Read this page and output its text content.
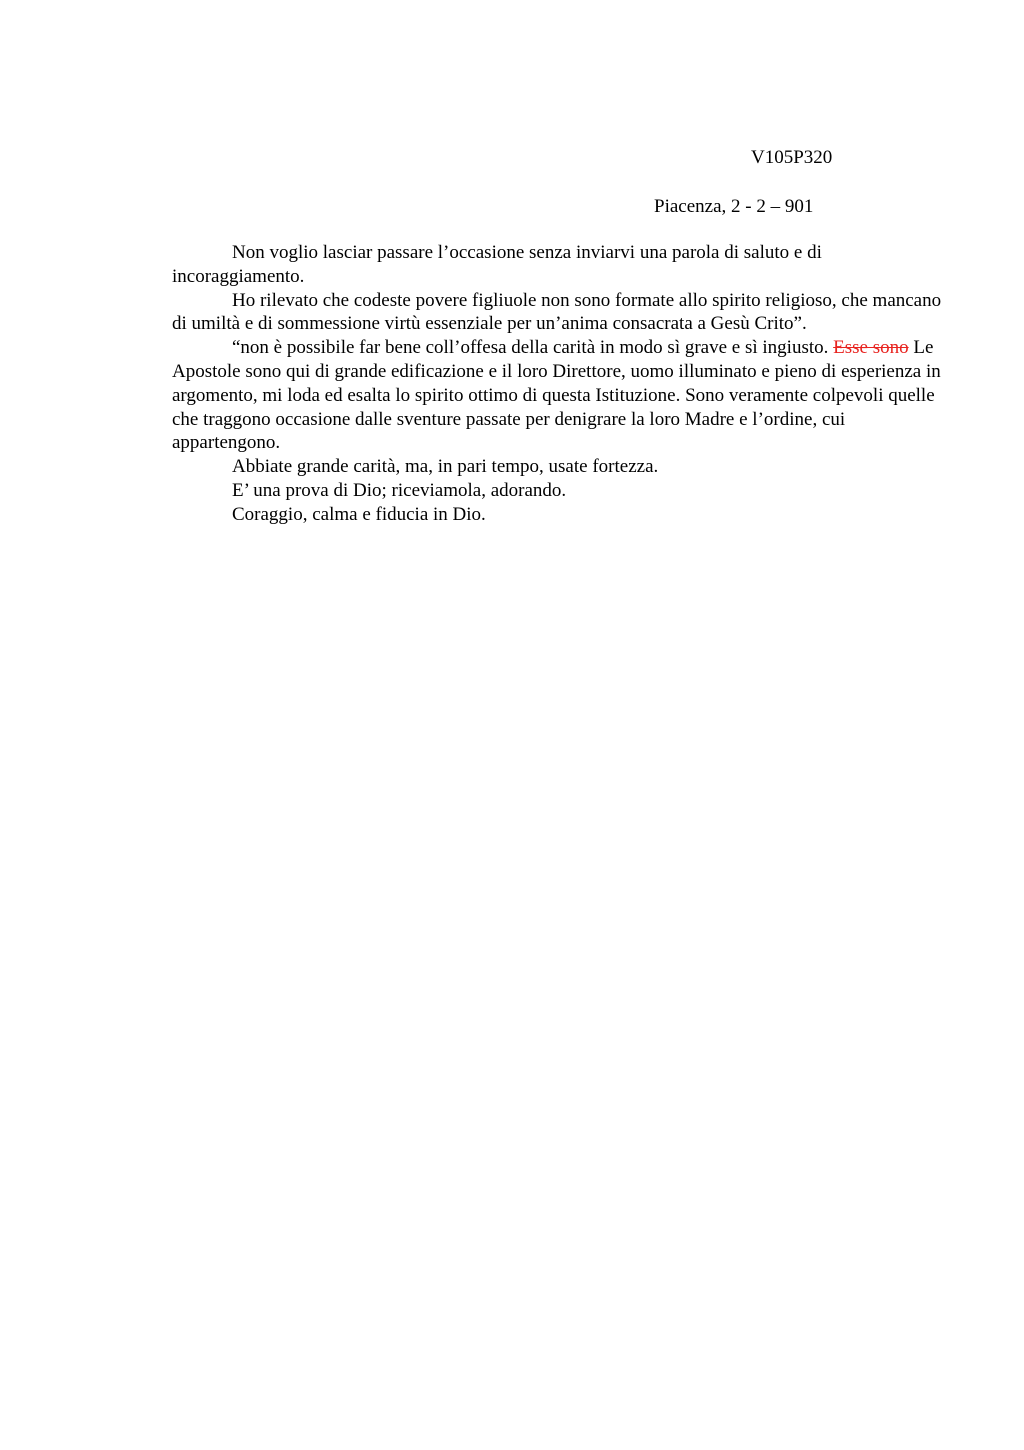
V105P320
Piacenza, 2 - 2 – 901

Non voglio lasciar passare l’occasione senza inviarvi una parola di saluto e di incoraggiamento.

Ho rilevato che codeste povere figliuole non sono formate allo spirito religioso, che mancano di umiltà e di sommessione virtù essenziale per un’anima consacrata a Gesù Crito”.

“non è possibile far bene coll’offesa della carità in modo sì grave e sì ingiusto. Esse sono Le Apostole sono qui di grande edificazione e il loro Direttore, uomo illuminato e pieno di esperienza in argomento, mi loda ed esalta lo spirito ottimo di questa Istituzione. Sono veramente colpevoli quelle che traggono occasione dalle sventure passate per denigrare la loro Madre e l’ordine, cui appartengono.

Abbiate grande carità, ma, in pari tempo, usate fortezza.

E’ una prova di Dio; riceviamola, adorando.

Coraggio, calma e fiducia in Dio.
